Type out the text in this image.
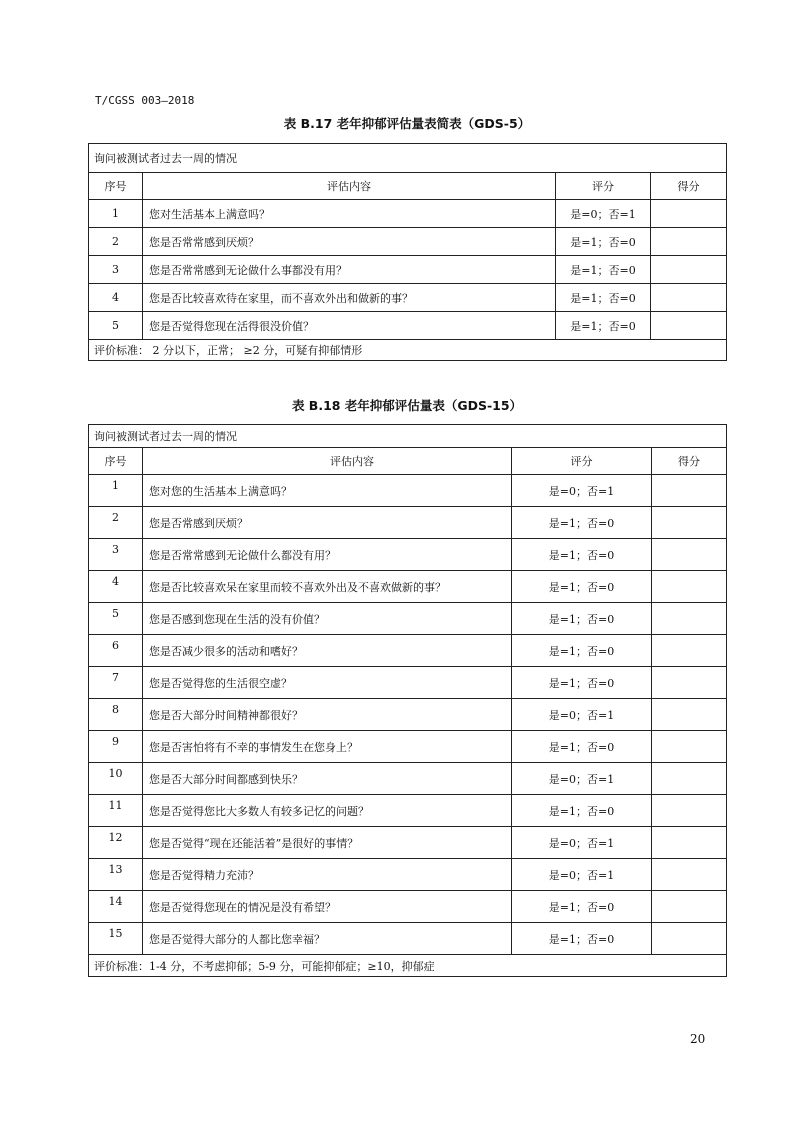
T/CGSS 003—2018
表 B.17 老年抑郁评估量表简表（GDS-5）
询问被测试者过去一周的情况			
序号	评估内容	评分	得分
1	您对生活基本上满意吗？	是=0；否=1	
2	您是否常常感到厌烦？	是=1；否=0	
3	您是否常常感到无论做什么事都没有用？	是=1；否=0	
4	您是否比较喜欢待在家里，而不喜欢外出和做新的事？	是=1；否=0	
5	您是否觉得您现在活得很没价值？	是=1；否=0	
评价标准： 2 分以下，正常； ≥2 分，可疑有抑郁情形			
表 B.18 老年抑郁评估量表（GDS-15）
询问被测试者过去一周的情况			
序号	评估内容	评分	得分
1	您对您的生活基本上满意吗？	是=0；否=1	
2	您是否常感到厌烦？	是=1；否=0	
3	您是否常常感到无论做什么都没有用？	是=1；否=0	
4	您是否比较喜欢呆在家里而较不喜欢外出及不喜欢做新的事？	是=1；否=0	
5	您是否感到您现在生活的没有价值？	是=1；否=0	
6	您是否减少很多的活动和嗜好？	是=1；否=0	
7	您是否觉得您的生活很空虚？	是=1；否=0	
8	您是否大部分时间精神都很好？	是=0；否=1	
9	您是否害怕将有不幸的事情发生在您身上？	是=1；否=0	
10	您是否大部分时间都感到快乐？	是=0；否=1	
11	您是否觉得您比大多数人有较多记忆的问题？	是=1；否=0	
12	您是否觉得“现在还能活着”是很好的事情？	是=0；否=1	
13	您是否觉得精力充沛？	是=0；否=1	
14	您是否觉得您现在的情况是没有希望？	是=1；否=0	
15	您是否觉得大部分的人都比您幸福？	是=1；否=0	
评价标准：1-4 分，不考虑抑郁；5-9 分，可能抑郁症；≥10，抑郁症			
20
